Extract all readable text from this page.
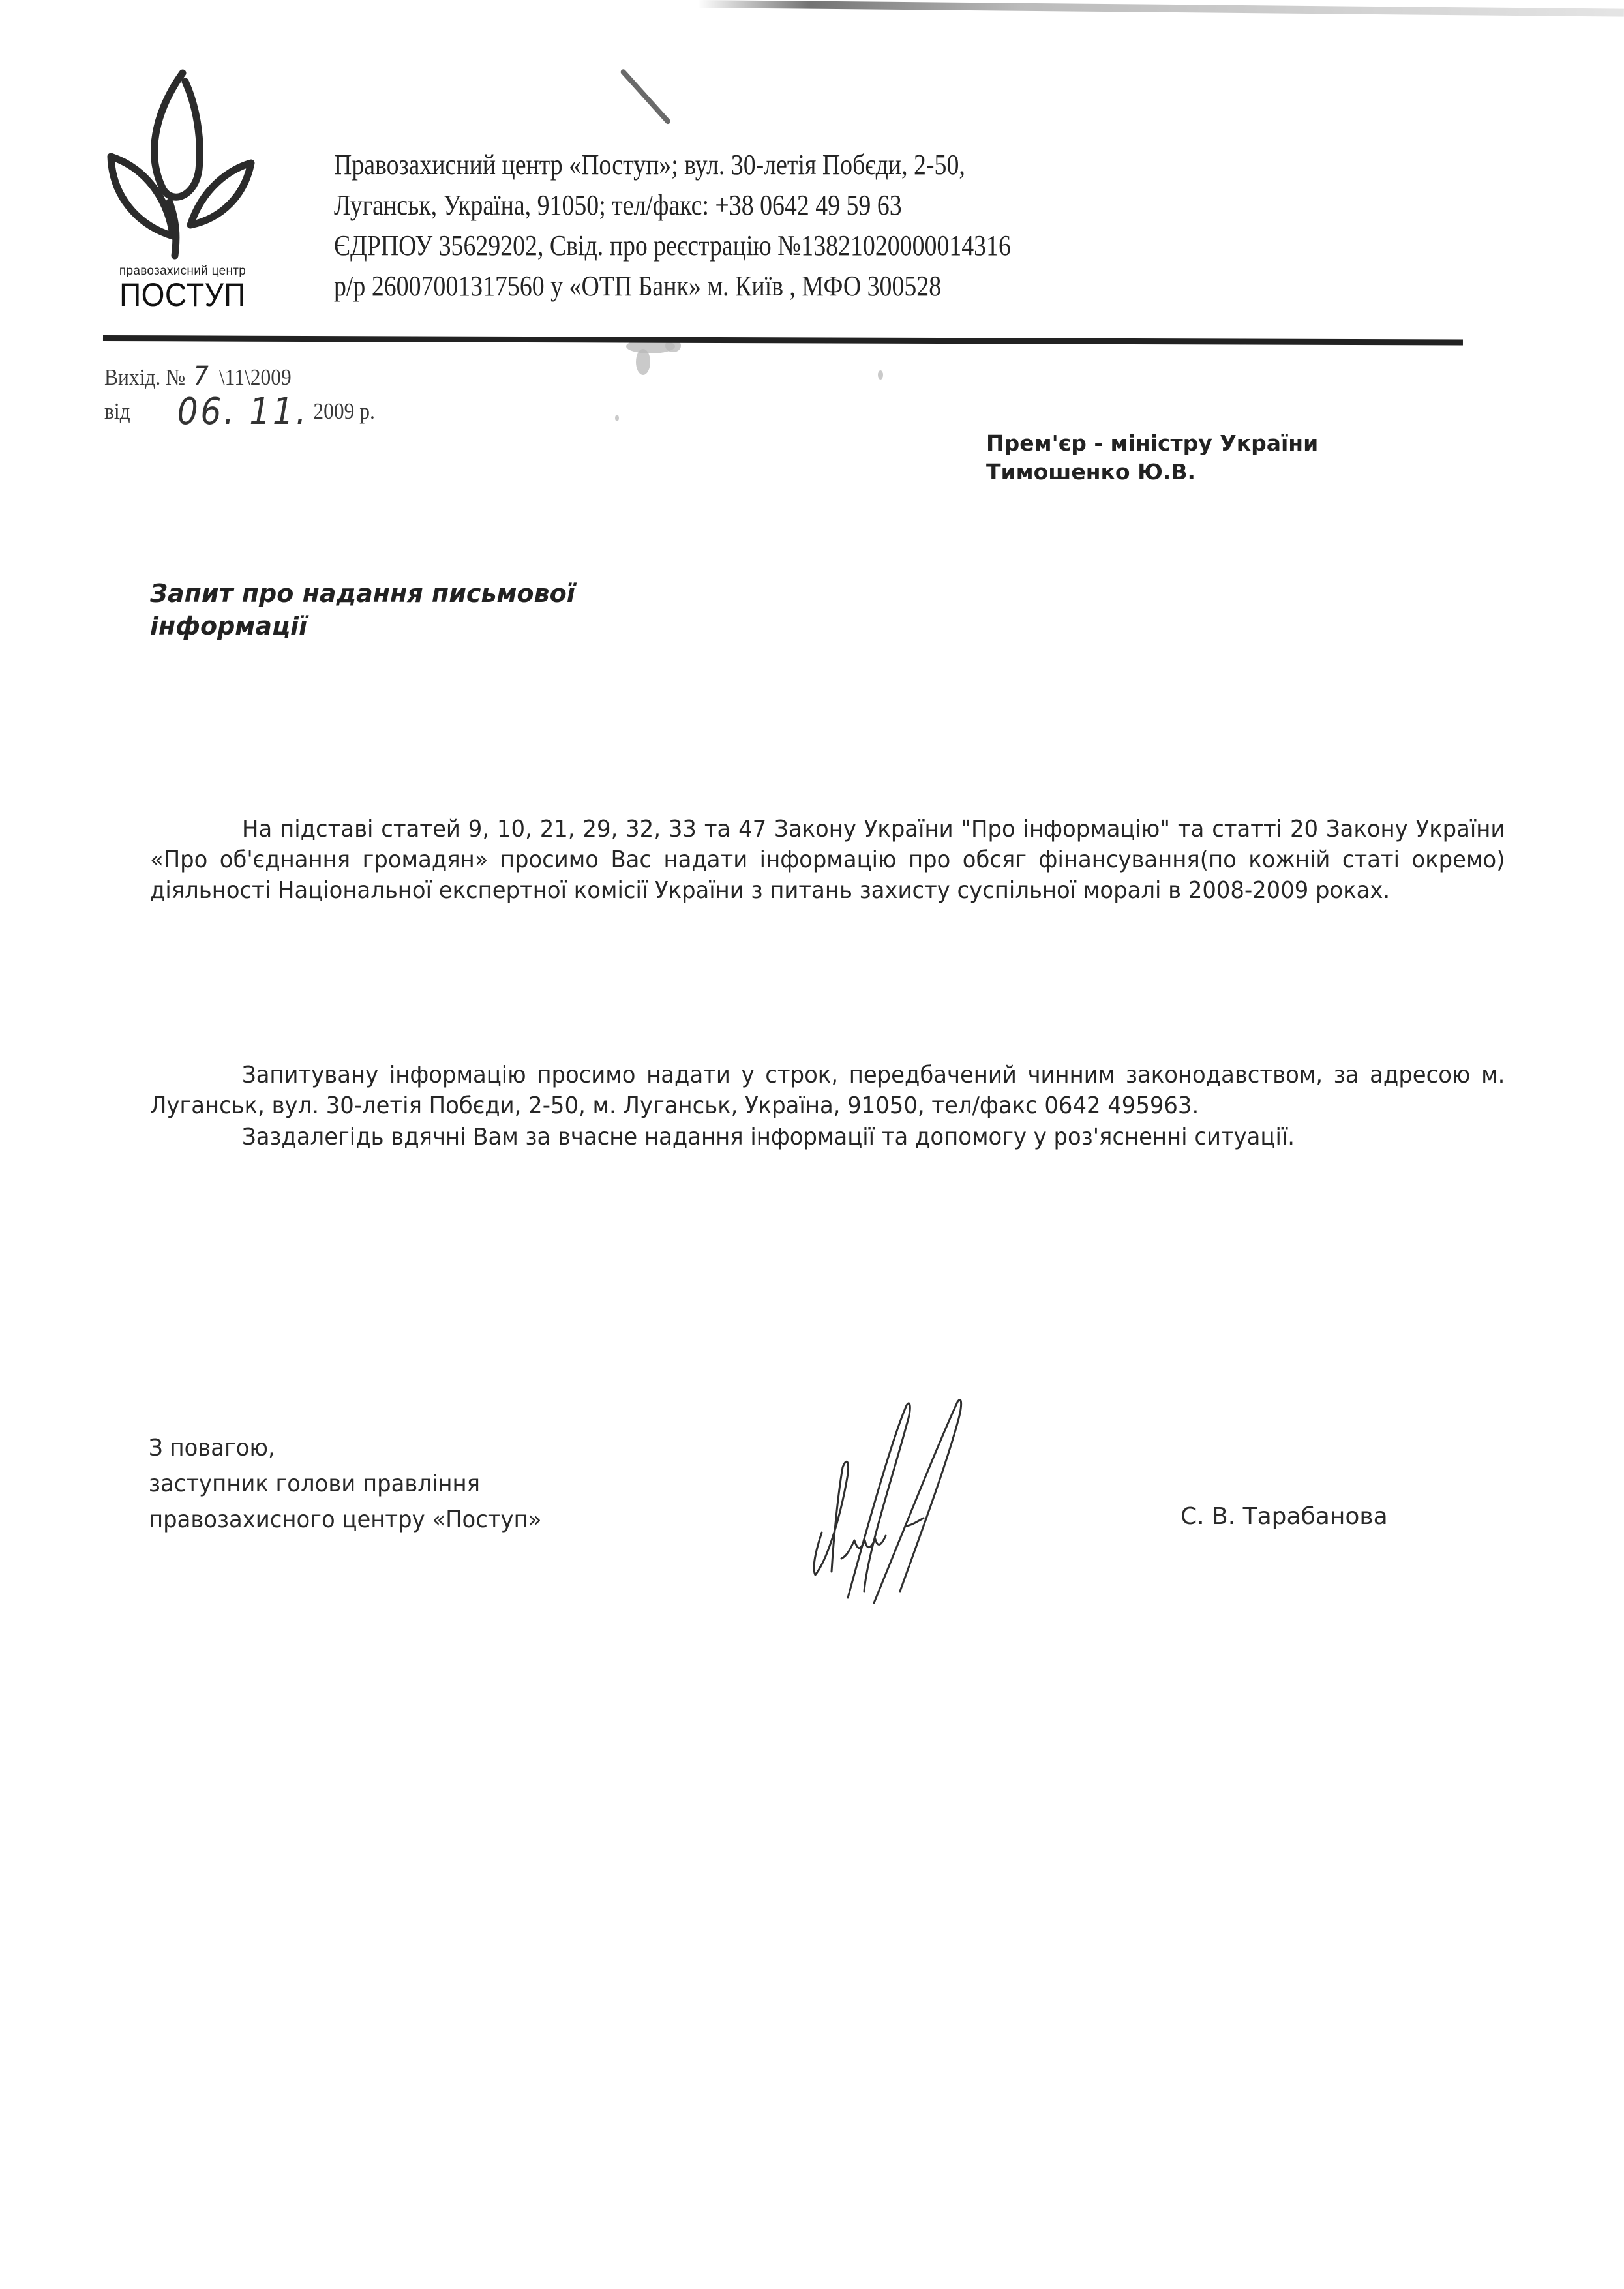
правозахисний центр
ПОСТУП
Правозахисний центр «Поступ»; вул. 30-летія Побєди, 2-50,
Луганськ, Україна, 91050; тел/факс: +38 0642 49 59 63
ЄДРПОУ 35629202, Свід. про реєстрацію №13821020000014316
р/р 26007001317560 у «ОТП Банк» м. Київ , МФО 300528
Вихід. № 7 \11\2009
від 06. 11. 2009 р.
Прем'єр - міністру України
Тимошенко Ю.В.
Запит про надання письмової інформації
На підставі статей 9, 10, 21, 29, 32, 33 та 47 Закону України "Про інформацію" та статті 20 Закону України «Про об'єднання громадян» просимо Вас надати інформацію про обсяг фінансування(по кожній статі окремо) діяльності Національної експертної комісії України з питань захисту суспільної моралі в 2008-2009 роках.
Запитувану інформацію просимо надати у строк, передбачений чинним законодавством, за адресою м. Луганськ, вул. 30-летія Побєди, 2-50, м. Луганськ, Україна, 91050, тел/факс 0642 495963.
Заздалегідь вдячні Вам за вчасне надання інформації та допомогу у роз'ясненні ситуації.
З повагою,
заступник голови правління
правозахисного центру «Поступ»	С. В. Тарабанова
